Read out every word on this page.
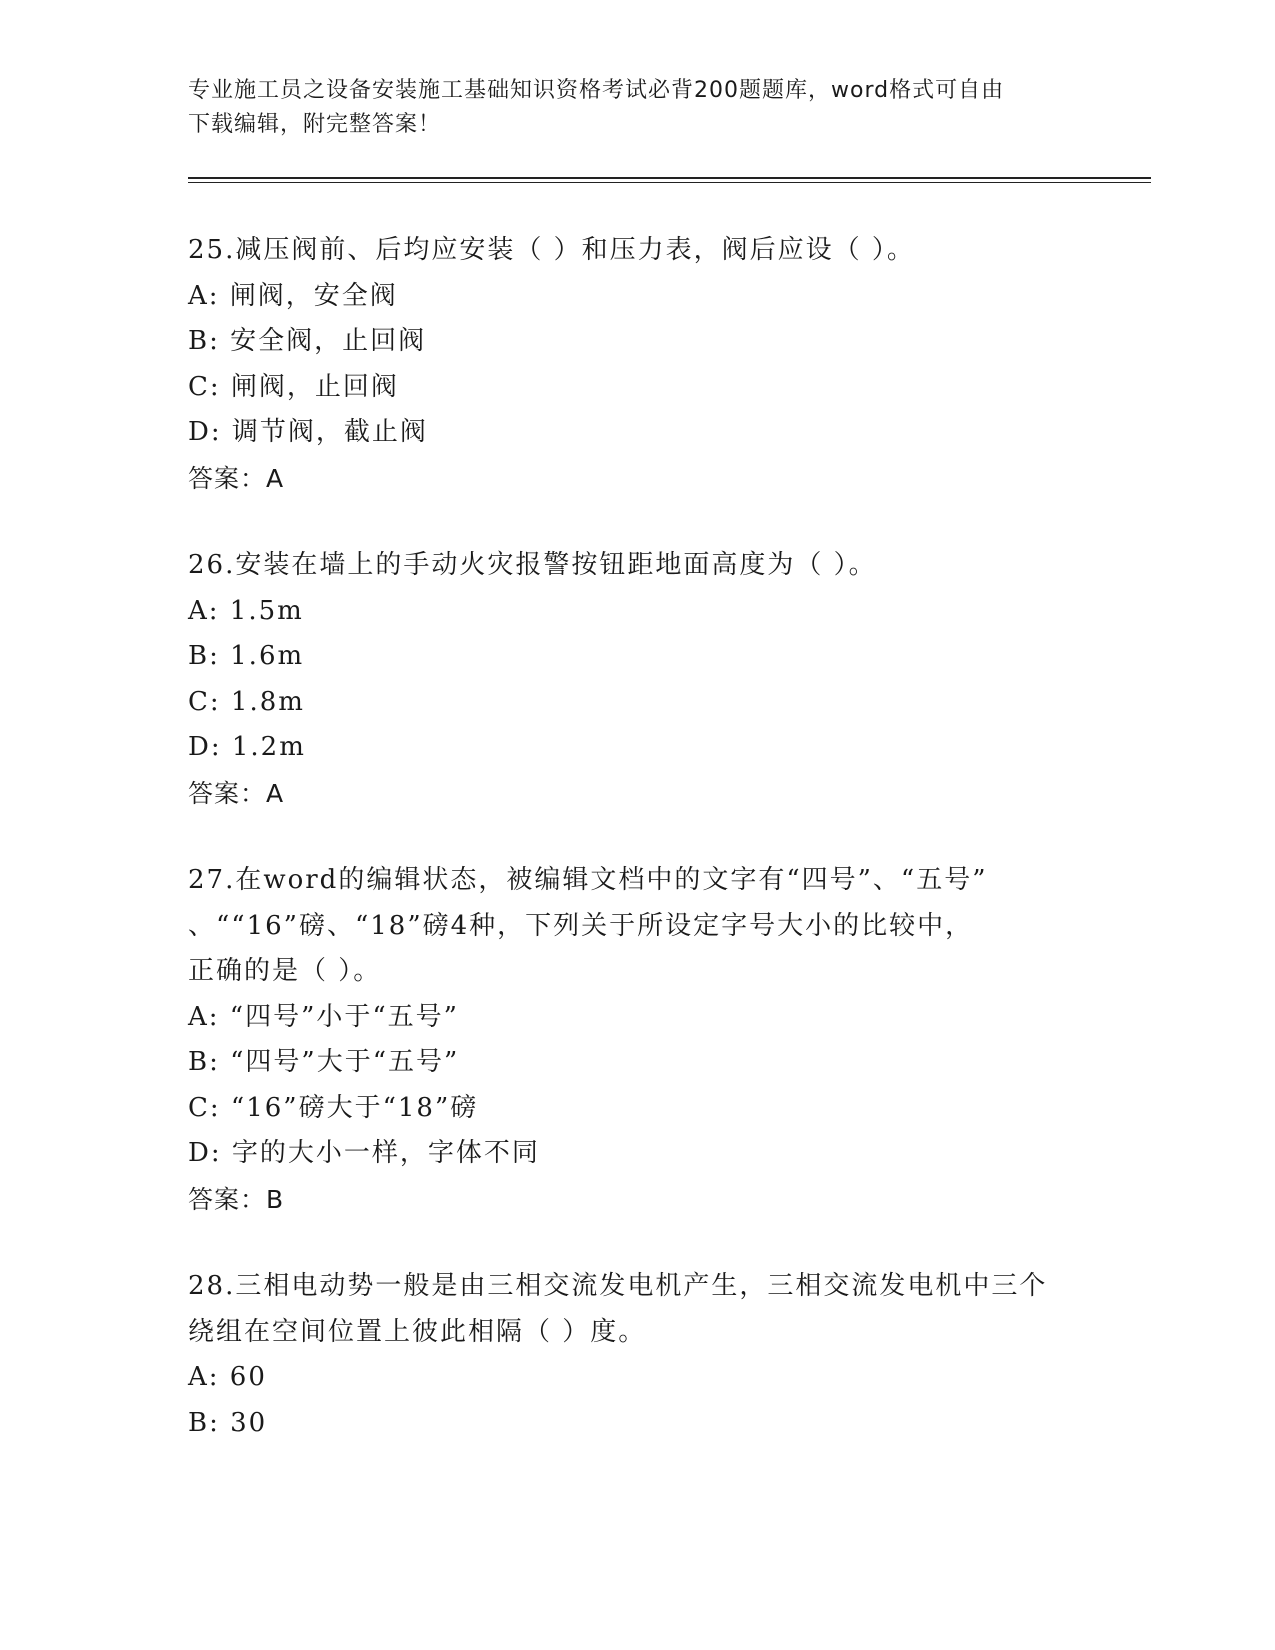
专业施工员之设备安装施工基础知识资格考试必背200题题库，word格式可自由
下载编辑，附完整答案！
25.减压阀前、后均应安装（ ）和压力表，阀后应设（ ）。
A: 闸阀，安全阀
B: 安全阀，止回阀
C: 闸阀，止回阀
D: 调节阀，截止阀
答案：A
26.安装在墙上的手动火灾报警按钮距地面高度为（ ）。
A: 1.5m
B: 1.6m
C: 1.8m
D: 1.2m
答案：A
27.在word的编辑状态，被编辑文档中的文字有“四号”、“五号”
、““16”磅、“18”磅4种，下列关于所设定字号大小的比较中，
正确的是（ ）。
A: “四号”小于“五号”
B: “四号”大于“五号”
C: “16”磅大于“18”磅
D: 字的大小一样，字体不同
答案：B
28.三相电动势一般是由三相交流发电机产生，三相交流发电机中三个
绕组在空间位置上彼此相隔（ ）度。
A: 60
B: 30
